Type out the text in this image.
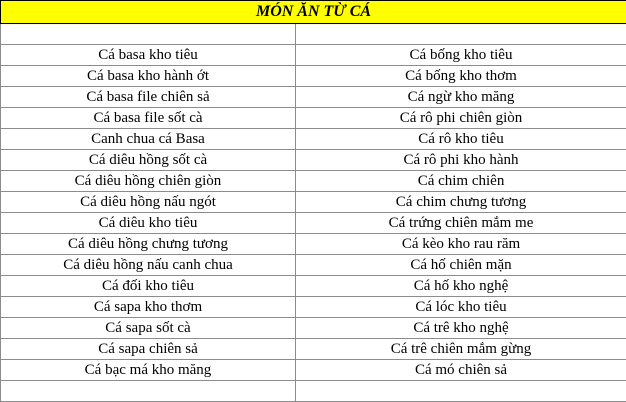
MÓN ĂN TỪ CÁ	

Cá basa kho tiêu	Cá bống kho tiêu
Cá basa kho hành ớt	Cá bống kho thơm
Cá basa file chiên sả	Cá ngừ kho măng
Cá basa file sốt cà	Cá rô phi chiên giòn
Canh chua cá Basa	Cá rô kho tiêu
Cá diêu hồng sốt cà	Cá rô phi kho hành
Cá diêu hồng chiên giòn	Cá chim chiên
Cá diêu hồng nấu ngót	Cá chim chưng tương
Cá diêu kho tiêu	Cá trứng chiên mắm me
Cá diêu hồng chưng tương	Cá kèo kho rau răm
Cá diêu hồng nấu canh chua	Cá hố chiên mặn
Cá đối kho tiêu	Cá hố kho nghệ
Cá sapa kho thơm	Cá lóc kho tiêu
Cá sapa sốt cà	Cá trê kho nghệ
Cá sapa chiên sả	Cá trê chiên mắm gừng
Cá bạc má kho măng	Cá mó chiên sả
